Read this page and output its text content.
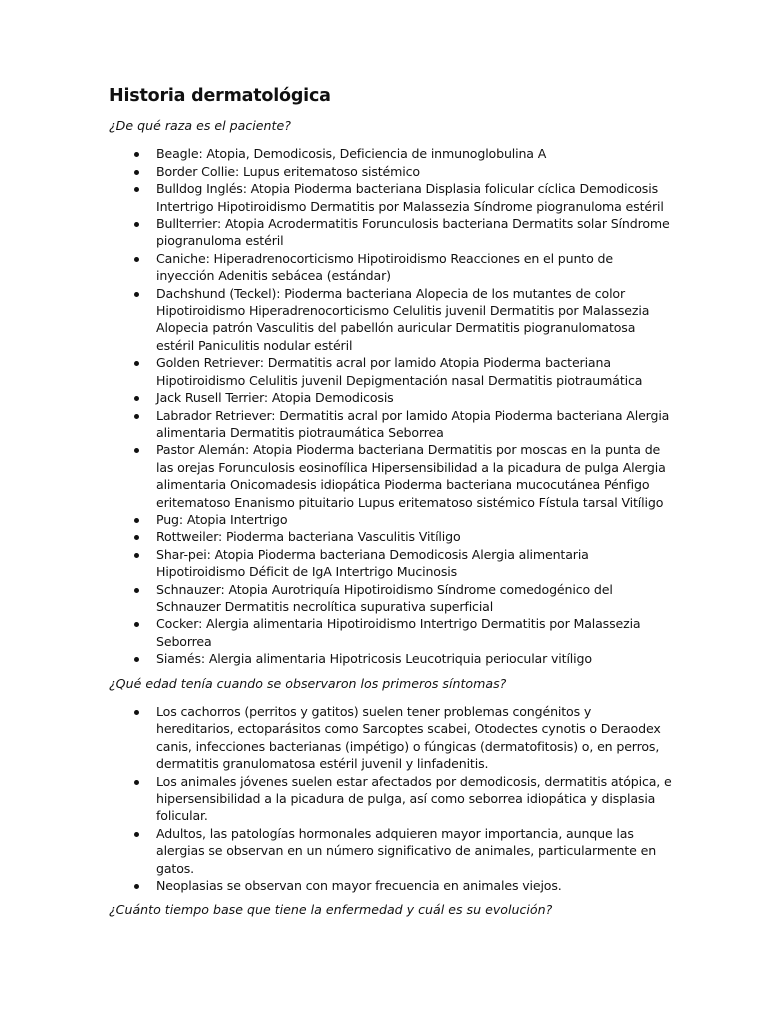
Historia dermatológica

¿De qué raza es el paciente?

Beagle: Atopia, Demodicosis, Deficiencia de inmunoglobulina A
Border Collie: Lupus eritematoso sistémico
Bulldog Inglés: Atopia Pioderma bacteriana Displasia folicular cíclica Demodicosis Intertrigo Hipotiroidismo Dermatitis por Malassezia Síndrome piogranuloma estéril
Bullterrier: Atopia Acrodermatitis Forunculosis bacteriana Dermatits solar Síndrome piogranuloma estéril
Caniche: Hiperadrenocorticismo Hipotiroidismo Reacciones en el punto de inyección Adenitis sebácea (estándar)
Dachshund (Teckel): Pioderma bacteriana Alopecia de los mutantes de color Hipotiroidismo Hiperadrenocorticismo Celulitis juvenil Dermatitis por Malassezia Alopecia patrón Vasculitis del pabellón auricular Dermatitis piogranulomatosa estéril Paniculitis nodular estéril
Golden Retriever: Dermatitis acral por lamido Atopia Pioderma bacteriana Hipotiroidismo Celulitis juvenil Depigmentación nasal Dermatitis piotraumática
Jack Rusell Terrier: Atopia Demodicosis
Labrador Retriever: Dermatitis acral por lamido Atopia Pioderma bacteriana Alergia alimentaria Dermatitis piotraumática Seborrea
Pastor Alemán: Atopia Pioderma bacteriana Dermatitis por moscas en la punta de las orejas Forunculosis eosinofílica Hipersensibilidad a la picadura de pulga Alergia alimentaria Onicomadesis idiopática Pioderma bacteriana mucocutánea Pénfigo eritematoso Enanismo pituitario Lupus eritematoso sistémico Fístula tarsal Vitíligo
Pug: Atopia Intertrigo
Rottweiler: Pioderma bacteriana Vasculitis Vitíligo
Shar-pei: Atopia Pioderma bacteriana Demodicosis Alergia alimentaria Hipotiroidismo Déficit de IgA Intertrigo Mucinosis
Schnauzer: Atopia Aurotriquía Hipotiroidismo Síndrome comedogénico del Schnauzer Dermatitis necrolítica supurativa superficial
Cocker: Alergia alimentaria Hipotiroidismo Intertrigo Dermatitis por Malassezia Seborrea
Siamés: Alergia alimentaria Hipotricosis Leucotriquia periocular vitíligo

¿Qué edad tenía cuando se observaron los primeros síntomas?

Los cachorros (perritos y gatitos) suelen tener problemas congénitos y hereditarios, ectoparásitos como Sarcoptes scabei, Otodectes cynotis o Deraodex canis, infecciones bacterianas (impétigo) o fúngicas (dermatofitosis) o, en perros, dermatitis granulomatosa estéril juvenil y linfadenitis.
Los animales jóvenes suelen estar afectados por demodicosis, dermatitis atópica, e hipersensibilidad a la picadura de pulga, así como seborrea idiopática y displasia folicular.
Adultos, las patologías hormonales adquieren mayor importancia, aunque las alergias se observan en un número significativo de animales, particularmente en gatos.
Neoplasias se observan con mayor frecuencia en animales viejos.

¿Cuánto tiempo base que tiene la enfermedad y cuál es su evolución?
